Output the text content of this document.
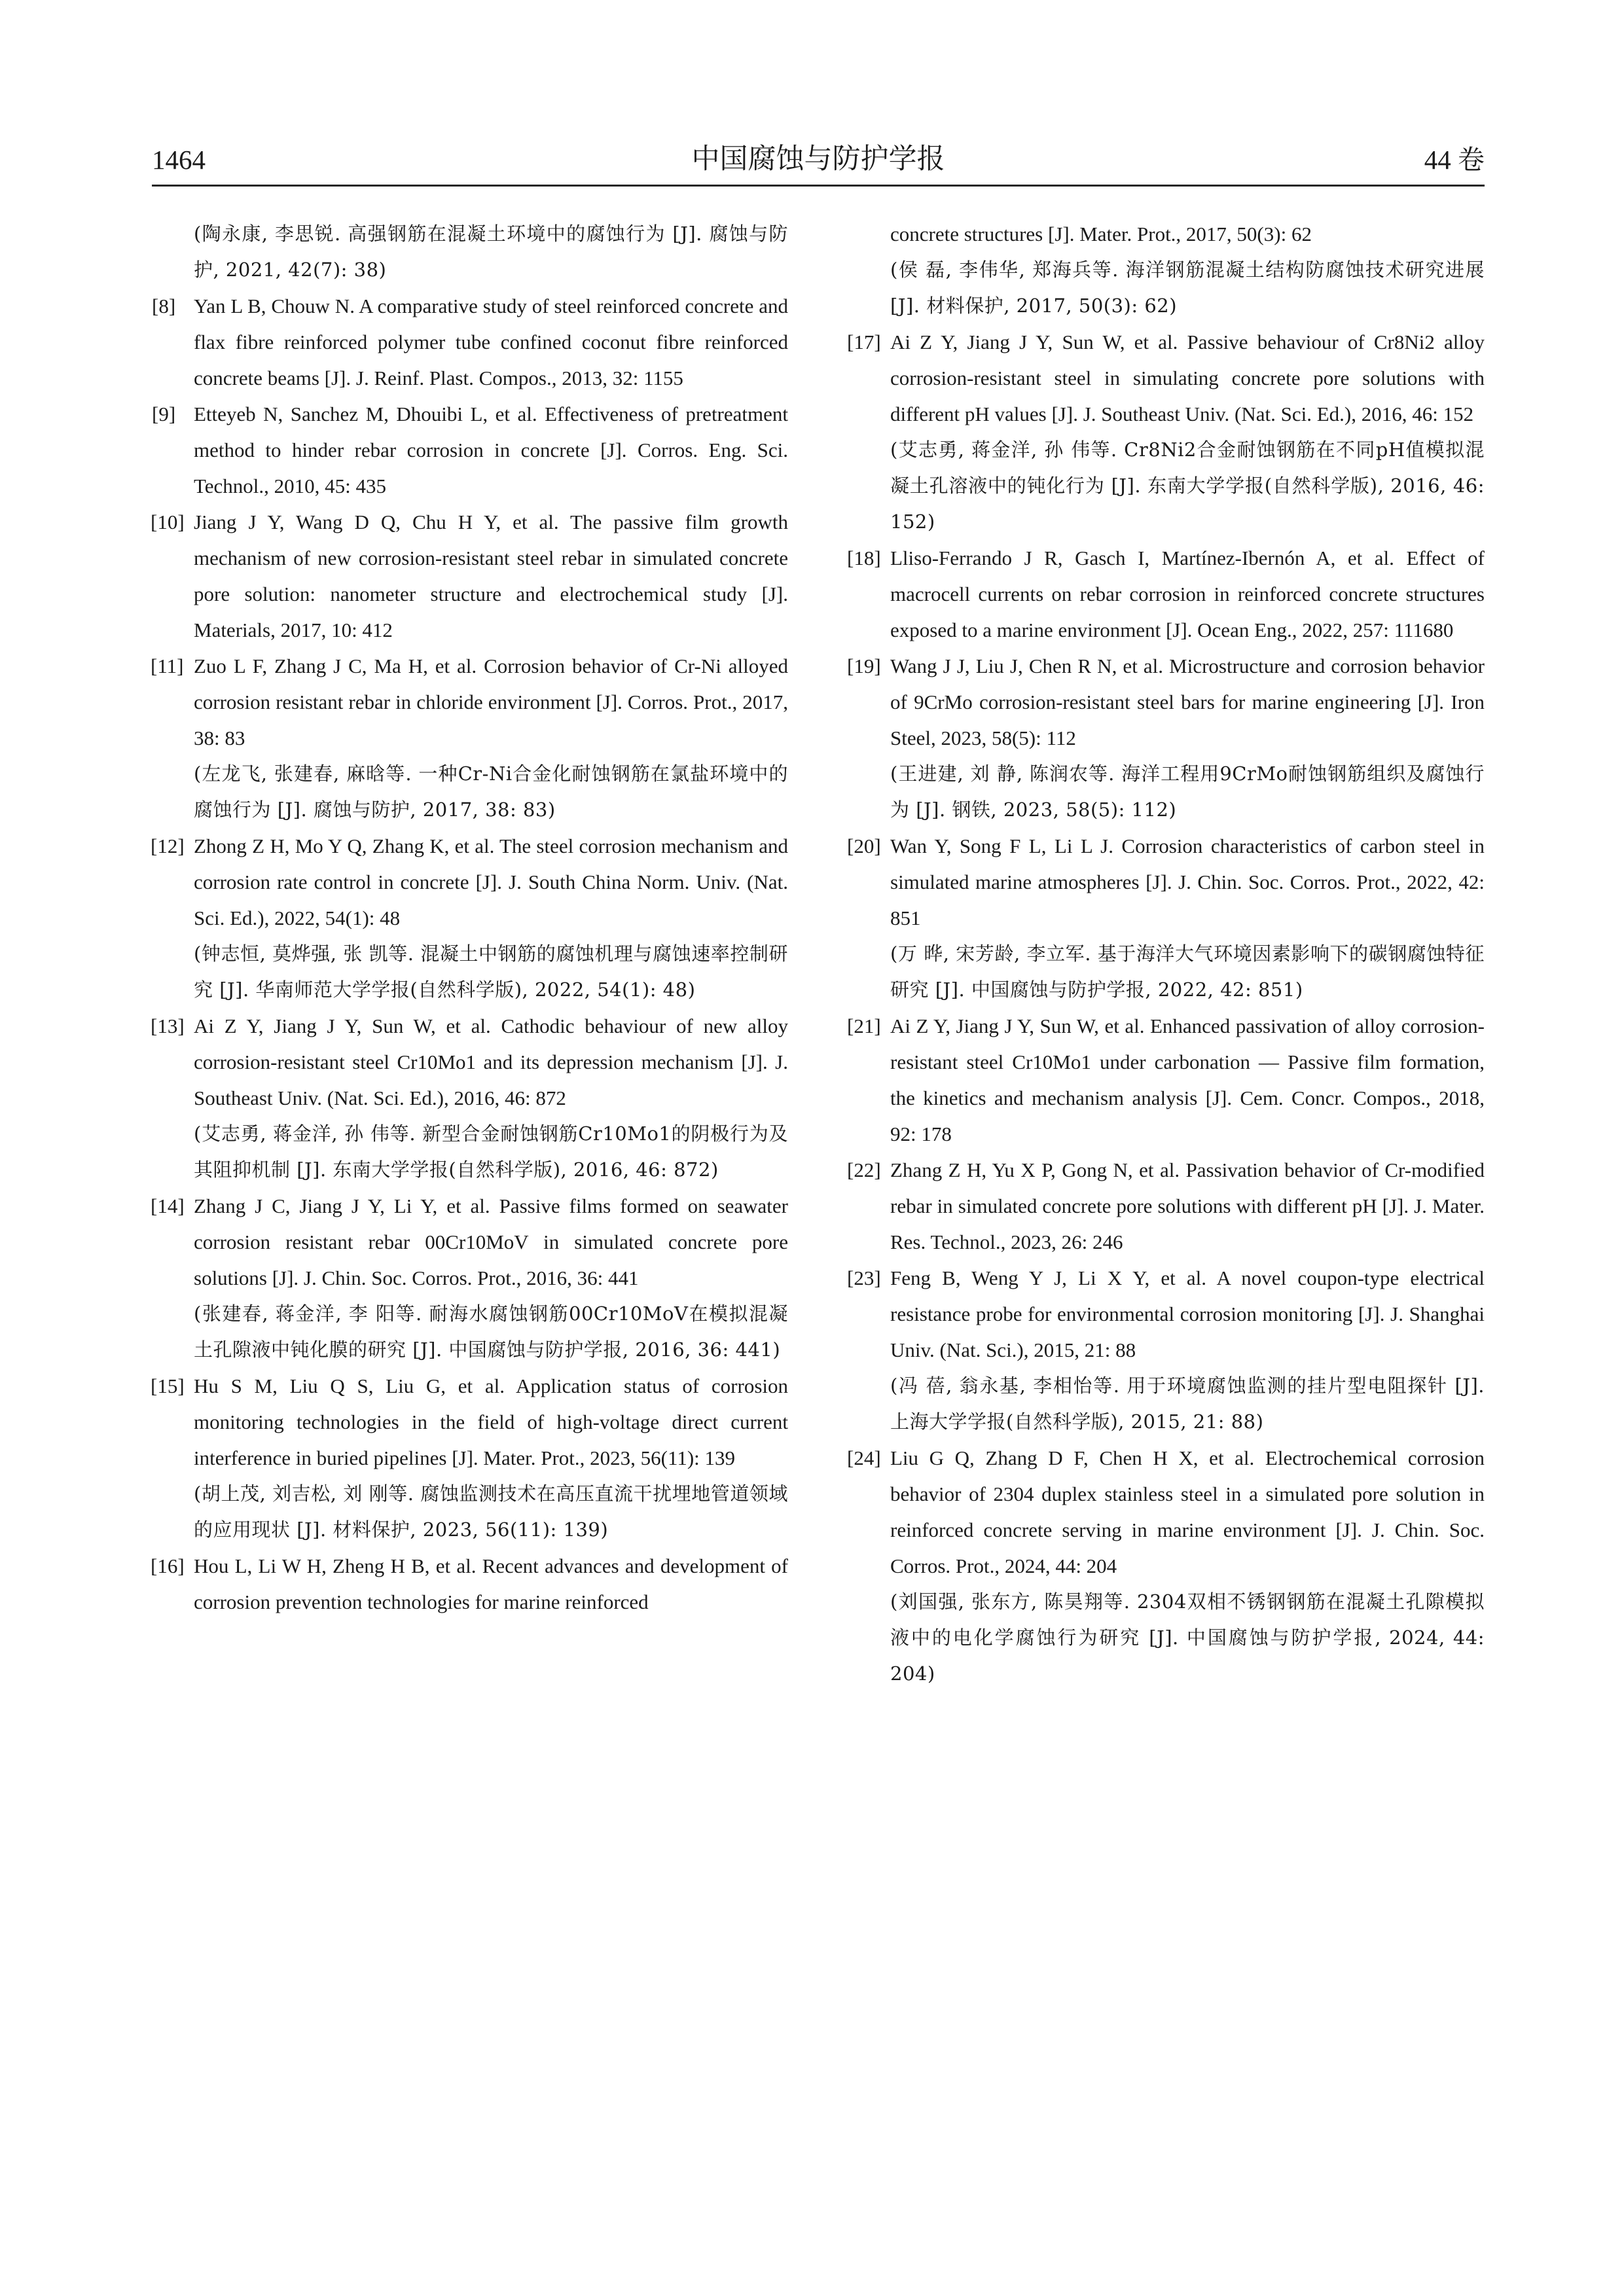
1464	中国腐蚀与防护学报	44 卷
(陶永康, 李思锐. 高强钢筋在混凝土环境中的腐蚀行为 [J]. 腐蚀与防护, 2021, 42(7): 38)
[8] Yan L B, Chouw N. A comparative study of steel reinforced concrete and flax fibre reinforced polymer tube confined coconut fibre reinforced concrete beams [J]. J. Reinf. Plast. Compos., 2013, 32: 1155
[9] Etteyeb N, Sanchez M, Dhouibi L, et al. Effectiveness of pretreatment method to hinder rebar corrosion in concrete [J]. Corros. Eng. Sci. Technol., 2010, 45: 435
[10] Jiang J Y, Wang D Q, Chu H Y, et al. The passive film growth mechanism of new corrosion-resistant steel rebar in simulated concrete pore solution: nanometer structure and electrochemical study [J]. Materials, 2017, 10: 412
[11] Zuo L F, Zhang J C, Ma H, et al. Corrosion behavior of Cr-Ni alloyed corrosion resistant rebar in chloride environment [J]. Corros. Prot., 2017, 38: 83
(左龙飞, 张建春, 麻晗等. 一种Cr-Ni合金化耐蚀钢筋在氯盐环境中的腐蚀行为 [J]. 腐蚀与防护, 2017, 38: 83)
[12] Zhong Z H, Mo Y Q, Zhang K, et al. The steel corrosion mechanism and corrosion rate control in concrete [J]. J. South China Norm. Univ. (Nat. Sci. Ed.), 2022, 54(1): 48
(钟志恒, 莫烨强, 张 凯等. 混凝土中钢筋的腐蚀机理与腐蚀速率控制研究 [J]. 华南师范大学学报(自然科学版), 2022, 54(1): 48)
[13] Ai Z Y, Jiang J Y, Sun W, et al. Cathodic behaviour of new alloy corrosion-resistant steel Cr10Mo1 and its depression mechanism [J]. J. Southeast Univ. (Nat. Sci. Ed.), 2016, 46: 872
(艾志勇, 蒋金洋, 孙 伟等. 新型合金耐蚀钢筋Cr10Mo1的阴极行为及其阻抑机制 [J]. 东南大学学报(自然科学版), 2016, 46: 872)
[14] Zhang J C, Jiang J Y, Li Y, et al. Passive films formed on seawater corrosion resistant rebar 00Cr10MoV in simulated concrete pore solutions [J]. J. Chin. Soc. Corros. Prot., 2016, 36: 441
(张建春, 蒋金洋, 李 阳等. 耐海水腐蚀钢筋00Cr10MoV在模拟混凝土孔隙液中钝化膜的研究 [J]. 中国腐蚀与防护学报, 2016, 36: 441)
[15] Hu S M, Liu Q S, Liu G, et al. Application status of corrosion monitoring technologies in the field of high-voltage direct current interference in buried pipelines [J]. Mater. Prot., 2023, 56(11): 139
(胡上茂, 刘吉松, 刘 刚等. 腐蚀监测技术在高压直流干扰埋地管道领域的应用现状 [J]. 材料保护, 2023, 56(11): 139)
[16] Hou L, Li W H, Zheng H B, et al. Recent advances and development of corrosion prevention technologies for marine reinforced
concrete structures [J]. Mater. Prot., 2017, 50(3): 62
(侯 磊, 李伟华, 郑海兵等. 海洋钢筋混凝土结构防腐蚀技术研究进展 [J]. 材料保护, 2017, 50(3): 62)
[17] Ai Z Y, Jiang J Y, Sun W, et al. Passive behaviour of Cr8Ni2 alloy corrosion-resistant steel in simulating concrete pore solutions with different pH values [J]. J. Southeast Univ. (Nat. Sci. Ed.), 2016, 46: 152
(艾志勇, 蒋金洋, 孙 伟等. Cr8Ni2合金耐蚀钢筋在不同pH值模拟混凝土孔溶液中的钝化行为 [J]. 东南大学学报(自然科学版), 2016, 46: 152)
[18] Lliso-Ferrando J R, Gasch I, Martínez-Ibernón A, et al. Effect of macrocell currents on rebar corrosion in reinforced concrete structures exposed to a marine environment [J]. Ocean Eng., 2022, 257: 111680
[19] Wang J J, Liu J, Chen R N, et al. Microstructure and corrosion behavior of 9CrMo corrosion-resistant steel bars for marine engineering [J]. Iron Steel, 2023, 58(5): 112
(王进建, 刘 静, 陈润农等. 海洋工程用9CrMo耐蚀钢筋组织及腐蚀行为 [J]. 钢铁, 2023, 58(5): 112)
[20] Wan Y, Song F L, Li L J. Corrosion characteristics of carbon steel in simulated marine atmospheres [J]. J. Chin. Soc. Corros. Prot., 2022, 42: 851
(万 晔, 宋芳龄, 李立军. 基于海洋大气环境因素影响下的碳钢腐蚀特征研究 [J]. 中国腐蚀与防护学报, 2022, 42: 851)
[21] Ai Z Y, Jiang J Y, Sun W, et al. Enhanced passivation of alloy corrosion-resistant steel Cr10Mo1 under carbonation — Passive film formation, the kinetics and mechanism analysis [J]. Cem. Concr. Compos., 2018, 92: 178
[22] Zhang Z H, Yu X P, Gong N, et al. Passivation behavior of Cr-modified rebar in simulated concrete pore solutions with different pH [J]. J. Mater. Res. Technol., 2023, 26: 246
[23] Feng B, Weng Y J, Li X Y, et al. A novel coupon-type electrical resistance probe for environmental corrosion monitoring [J]. J. Shanghai Univ. (Nat. Sci.), 2015, 21: 88
(冯 蓓, 翁永基, 李相怡等. 用于环境腐蚀监测的挂片型电阻探针 [J]. 上海大学学报(自然科学版), 2015, 21: 88)
[24] Liu G Q, Zhang D F, Chen H X, et al. Electrochemical corrosion behavior of 2304 duplex stainless steel in a simulated pore solution in reinforced concrete serving in marine environment [J]. J. Chin. Soc. Corros. Prot., 2024, 44: 204
(刘国强, 张东方, 陈昊翔等. 2304双相不锈钢钢筋在混凝土孔隙模拟液中的电化学腐蚀行为研究 [J]. 中国腐蚀与防护学报, 2024, 44: 204)
